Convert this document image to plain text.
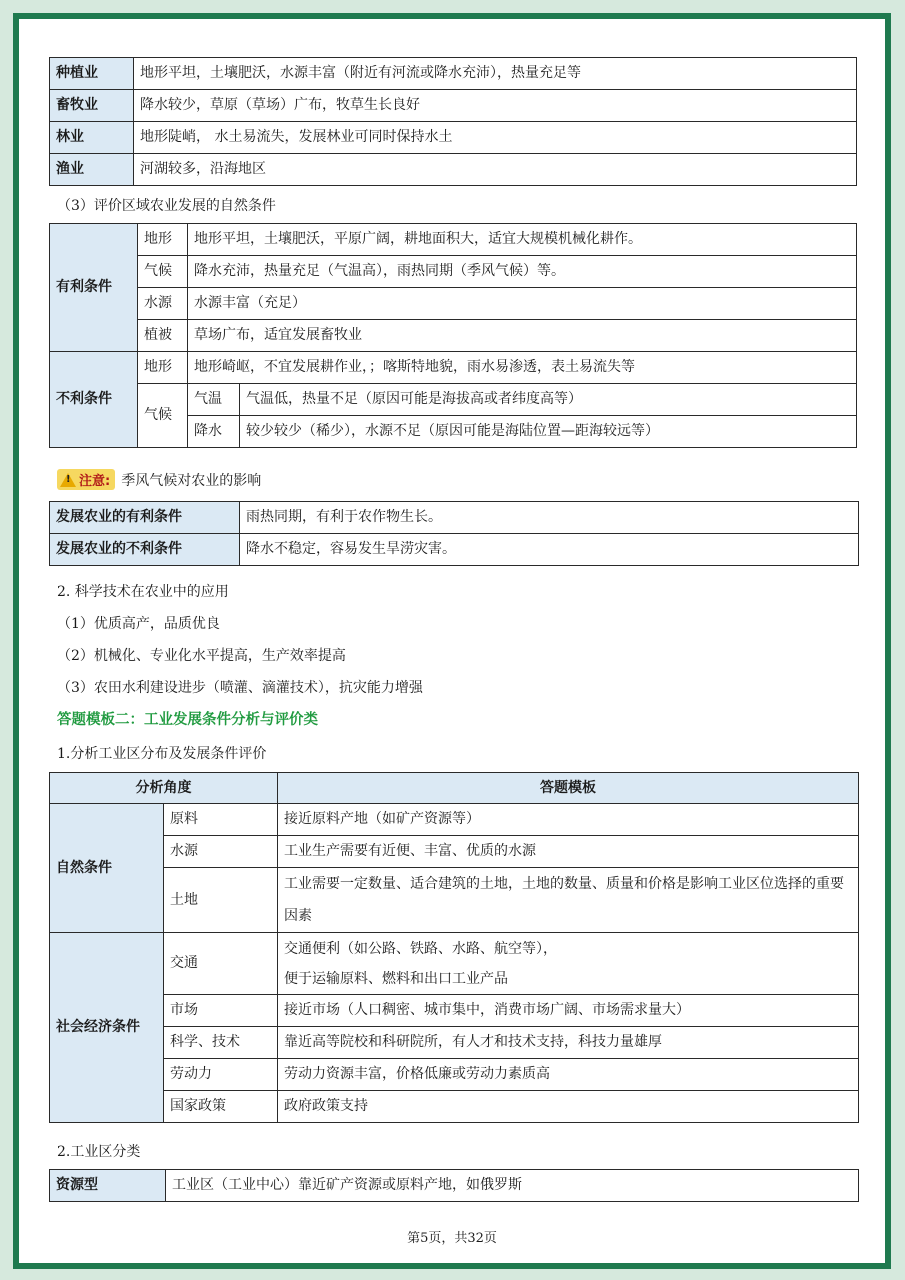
种植业	地形平坦，土壤肥沃，水源丰富（附近有河流或降水充沛），热量充足等
畜牧业	降水较少，草原（草场）广布，牧草生长良好
林业	地形陡峭， 水土易流失，发展林业可同时保持水土
渔业	河湖较多，沿海地区
（3）评价区域农业发展的自然条件
有利条件	地形	地形平坦，土壤肥沃，平原广阔，耕地面积大，适宜大规模机械化耕作。	
	气候	降水充沛，热量充足（气温高），雨热同期（季风气候）等。	
	水源	水源丰富（充足）	
	植被	草场广布，适宜发展畜牧业	
不利条件	地形	地形崎岖，不宜发展耕作业，；喀斯特地貌，雨水易渗透，表土易流失等	
	气候	气温	气温低，热量不足（原因可能是海拔高或者纬度高等）
		降水	较少较少（稀少），水源不足（原因可能是海陆位置—距海较远等）
! 注意: 季风气候对农业的影响
发展农业的有利条件	雨热同期，有利于农作物生长。
发展农业的不利条件	降水不稳定，容易发生旱涝灾害。
2. 科学技术在农业中的应用
（1）优质高产，品质优良
（2）机械化、专业化水平提高，生产效率提高
（3）农田水利建设进步（喷灌、滴灌技术），抗灾能力增强
答题模板二：工业发展条件分析与评价类
1.分析工业区分布及发展条件评价
分析角度		答题模板
自然条件	原料	接近原料产地（如矿产资源等）
	水源	工业生产需要有近便、丰富、优质的水源
	土地	工业需要一定数量、适合建筑的土地，土地的数量、质量和价格是影响工业区位选择的重要因素
社会经济条件	交通	交通便利（如公路、铁路、水路、航空等），
便于运输原料、燃料和出口工业产品

	市场	接近市场（人口稠密、城市集中，消费市场广阔、市场需求量大）
	科学、技术	靠近高等院校和科研院所，有人才和技术支持，科技力量雄厚
	劳动力	劳动力资源丰富，价格低廉或劳动力素质高
	国家政策	政府政策支持
2.工业区分类
资源型	工业区（工业中心）靠近矿产资源或原料产地，如俄罗斯
第5页，共32页
